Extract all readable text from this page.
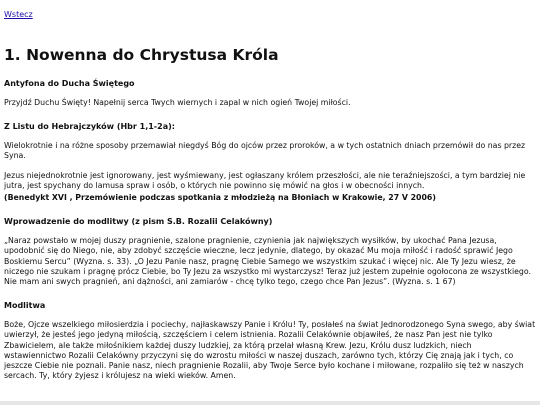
Wstecz
1. Nowenna do Chrystusa Króla
Antyfona do Ducha Świętego

Przyjdź Duchu Święty! Napełnij serca Twych wiernych i zapal w nich ogień Twojej miłości.

Z Listu do Hebrajczyków (Hbr 1,1-2a):

Wielokrotnie i na różne sposoby przemawiał niegdyś Bóg do ojców przez proroków, a w tych ostatnich dniach przemówił do nas przez Syna.

Jezus niejednokrotnie jest ignorowany, jest wyśmiewany, jest ogłaszany królem przeszłości, ale nie teraźniejszości, a tym bardziej nie jutra, jest spychany do lamusa spraw i osób, o których nie powinno się mówić na głos i w obecności innych.

(Benedykt XVI , Przemówienie podczas spotkania z młodzieżą na Błoniach w Krakowie, 27 V 2006)

Wprowadzenie do modlitwy (z pism S.B. Rozalii Celakówny)

„Naraz powstało w mojej duszy pragnienie, szalone pragnienie, czynienia jak największych wysiłków, by ukochać Pana Jezusa, upodobnić się do Niego, nie, aby zdobyć szczęście wieczne, lecz jedynie, dlatego, by okazać Mu moja miłość i radość sprawić Jego Boskiemu Sercu” (Wyzna. s. 33). „O Jezu Panie nasz, pragnę Ciebie Samego we wszystkim szukać i więcej nic. Ale Ty Jezu wiesz, że niczego nie szukam i pragnę prócz Ciebie, bo Ty Jezu za wszystko mi wystarczysz! Teraz już jestem zupełnie ogołocona ze wszystkiego. Nie mam ani swych pragnień, ani dążności, ani zamiarów - chcę tylko tego, czego chce Pan Jezus”. (Wyzna. s. 1 67)

Modlitwa

Boże, Ojcze wszelkiego miłosierdzia i pociechy, najłaskawszy Panie i Królu! Ty, posłałeś na świat Jednorodzonego Syna swego, aby świat uwierzył, że jesteś jego jedyną miłością, szczęściem i celem istnienia. Rozalii Celakównie objawiłeś, że nasz Pan jest nie tylko Zbawicielem, ale także miłośnikiem każdej duszy ludzkiej, za którą przelał własną Krew. Jezu, Królu dusz ludzkich, niech wstawiennictwo Rozalii Celakówny przyczyni się do wzrostu miłości w naszej duszach, zarówno tych, którzy Cię znają jak i tych, co jeszcze Ciebie nie poznali. Panie nasz, niech pragnienie Rozalii, aby Twoje Serce było kochane i miłowane, rozpaliło się też w naszych sercach. Ty, który żyjesz i królujesz na wieki wieków. Amen.
